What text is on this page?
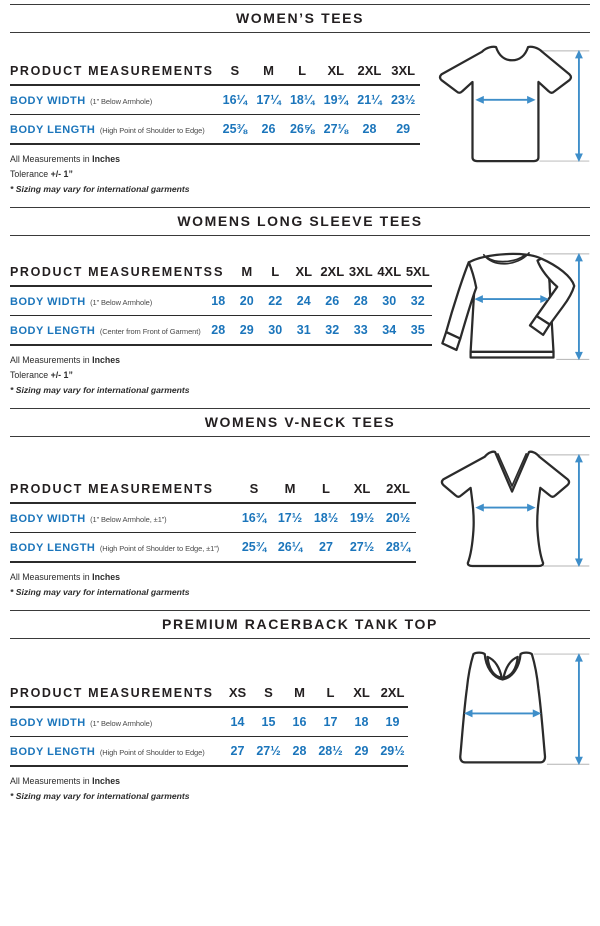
WOMEN’S TEES
PRODUCT MEASUREMENTS	S	M	L	XL	2XL	3XL
BODY WIDTH (1” Below Armhole)	16¼	17¼	18¼	19¾	21¼	23½
BODY LENGTH (High Point of Shoulder to Edge)	25⅜	26	26⅝	27⅛	28	29

All Measurements in Inches

Tolerance +/- 1”

* Sizing may vary for international garments

WOMENS LONG SLEEVE TEES
PRODUCT MEASUREMENTS	S	M	L	XL	2XL	3XL	4XL	5XL
BODY WIDTH (1” Below Armhole)	18	20	22	24	26	28	30	32
BODY LENGTH (Center from Front of Garment)	28	29	30	31	32	33	34	35

All Measurements in Inches

Tolerance +/- 1”

* Sizing may vary for international garments

WOMENS V-NECK TEES
PRODUCT MEASUREMENTS	S	M	L	XL	2XL
BODY WIDTH (1” Below Armhole, ±1”)	16¾	17½	18½	19½	20½
BODY LENGTH (High Point of Shoulder to Edge, ±1”)	25¾	26¼	27	27½	28¼

All Measurements in Inches

* Sizing may vary for international garments

PREMIUM RACERBACK TANK TOP
PRODUCT MEASUREMENTS	XS	S	M	L	XL	2XL
BODY WIDTH (1” Below Armhole)	14	15	16	17	18	19
BODY LENGTH (High Point of Shoulder to Edge)	27	27½	28	28½	29	29½

All Measurements in Inches

* Sizing may vary for international garments
